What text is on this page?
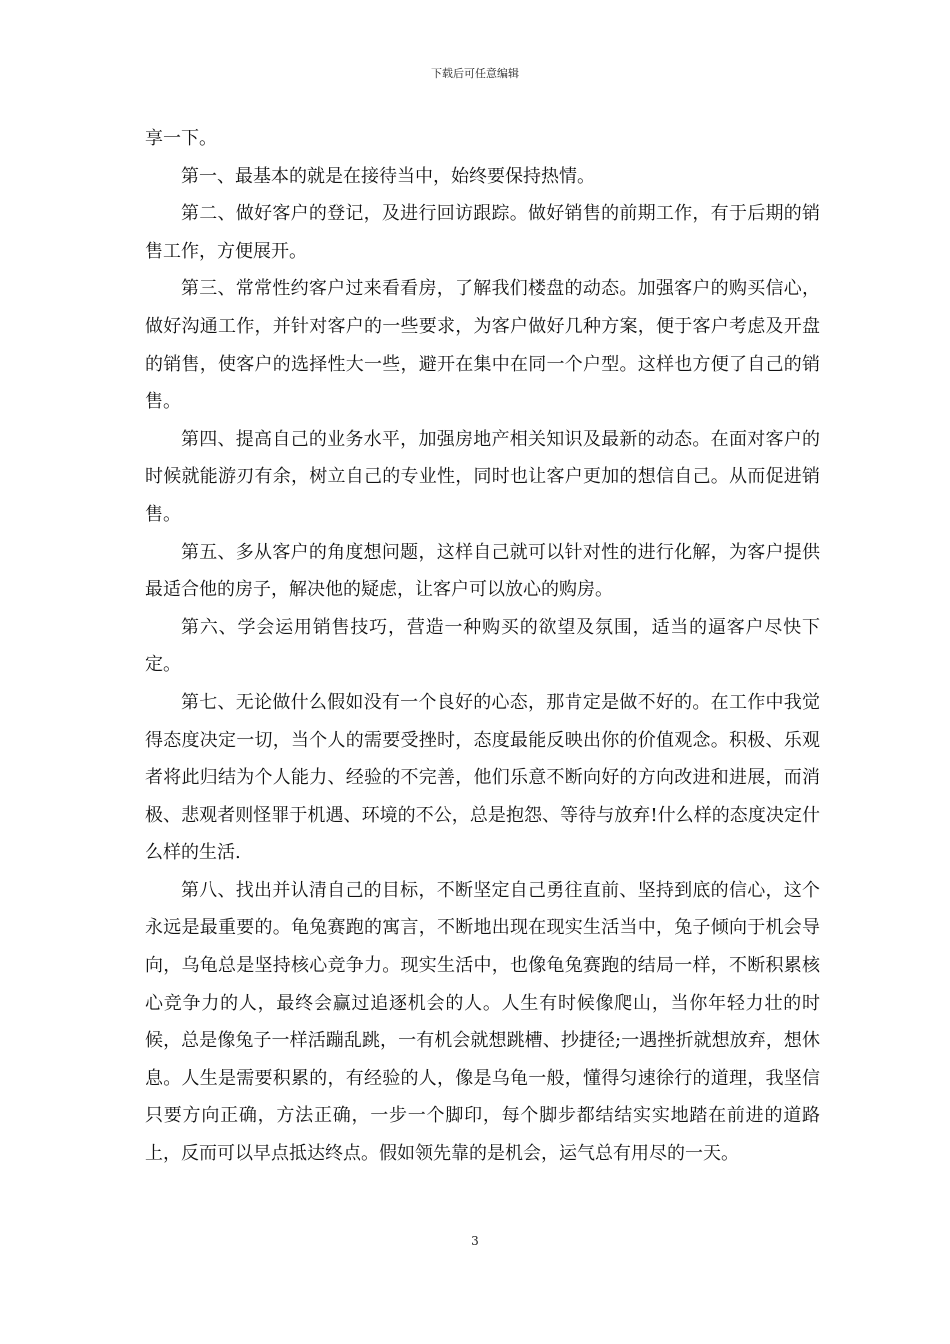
下载后可任意编辑

享一下。

第一、最基本的就是在接待当中，始终要保持热情。

第二、做好客户的登记，及进行回访跟踪。做好销售的前期工作，有于后期的销售工作，方便展开。

第三、常常性约客户过来看看房，了解我们楼盘的动态。加强客户的购买信心，做好沟通工作，并针对客户的一些要求，为客户做好几种方案，便于客户考虑及开盘的销售，使客户的选择性大一些，避开在集中在同一个户型。这样也方便了自己的销售。

第四、提高自己的业务水平，加强房地产相关知识及最新的动态。在面对客户的时候就能游刃有余，树立自己的专业性，同时也让客户更加的想信自己。从而促进销售。

第五、多从客户的角度想问题，这样自己就可以针对性的进行化解，为客户提供最适合他的房子，解决他的疑虑，让客户可以放心的购房。

第六、学会运用销售技巧，营造一种购买的欲望及氛围，适当的逼客户尽快下定。

第七、无论做什么假如没有一个良好的心态，那肯定是做不好的。在工作中我觉得态度决定一切，当个人的需要受挫时，态度最能反映出你的价值观念。积极、乐观者将此归结为个人能力、经验的不完善，他们乐意不断向好的方向改进和进展，而消极、悲观者则怪罪于机遇、环境的不公，总是抱怨、等待与放弃!什么样的态度决定什么样的生活.

第八、找出并认清自己的目标，不断坚定自己勇往直前、坚持到底的信心，这个永远是最重要的。龟兔赛跑的寓言，不断地出现在现实生活当中，兔子倾向于机会导向，乌龟总是坚持核心竞争力。现实生活中，也像龟兔赛跑的结局一样，不断积累核心竞争力的人，最终会赢过追逐机会的人。人生有时候像爬山，当你年轻力壮的时候，总是像兔子一样活蹦乱跳，一有机会就想跳槽、抄捷径;一遇挫折就想放弃，想休息。人生是需要积累的，有经验的人，像是乌龟一般，懂得匀速徐行的道理，我坚信只要方向正确，方法正确，一步一个脚印，每个脚步都结结实实地踏在前进的道路上，反而可以早点抵达终点。假如领先靠的是机会，运气总有用尽的一天。

3
